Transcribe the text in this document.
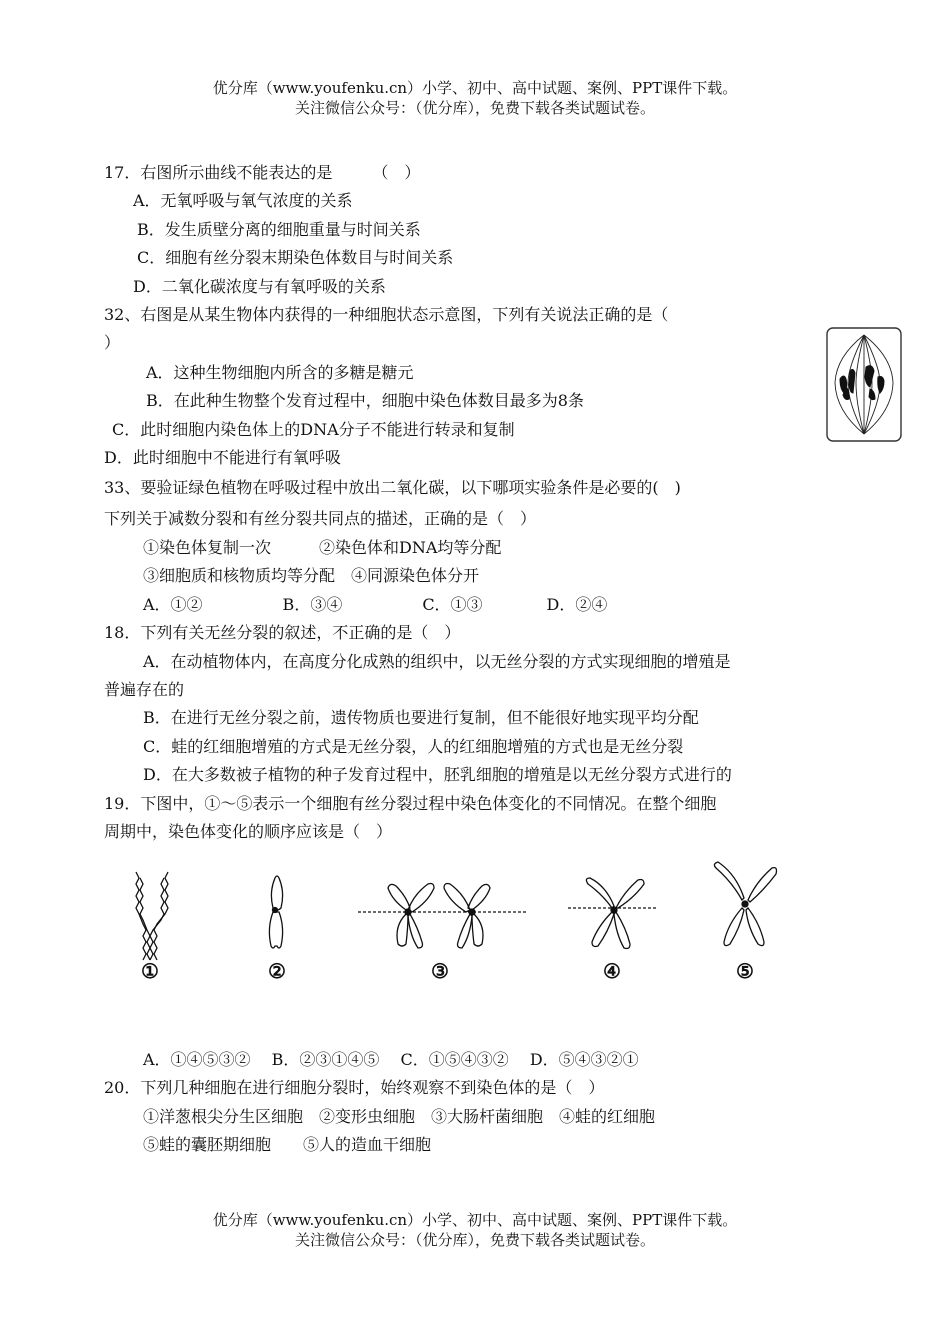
优分库（www.youfenku.cn）小学、初中、高中试题、案例、PPT课件下载。
关注微信公众号：（优分库），免费下载各类试题试卷。
17．右图所示曲线不能表达的是　　　（　）
A．无氧呼吸与氧气浓度的关系
B．发生质壁分离的细胞重量与时间关系
C．细胞有丝分裂末期染色体数目与时间关系
D．二氧化碳浓度与有氧呼吸的关系
32、右图是从某生物体内获得的一种细胞状态示意图，下列有关说法正确的是（
）
A．这种生物细胞内所含的多糖是糖元
B．在此种生物整个发育过程中，细胞中染色体数目最多为8条
C．此时细胞内染色体上的DNA分子不能进行转录和复制
D．此时细胞中不能进行有氧呼吸
33、要验证绿色植物在呼吸过程中放出二氧化碳，以下哪项实验条件是必要的(　)
下列关于减数分裂和有丝分裂共同点的描述，正确的是（　）
①染色体复制一次　　　②染色体和DNA均等分配
③细胞质和核物质均等分配　④同源染色体分开
A．①②　　　　　B．③④　　　　　C．①③　　　　D．②④
18．下列有关无丝分裂的叙述，不正确的是（　）
A．在动植物体内，在高度分化成熟的组织中，以无丝分裂的方式实现细胞的增殖是
普遍存在的
B．在进行无丝分裂之前，遗传物质也要进行复制，但不能很好地实现平均分配
C．蛙的红细胞增殖的方式是无丝分裂，人的红细胞增殖的方式也是无丝分裂
D．在大多数被子植物的种子发育过程中，胚乳细胞的增殖是以无丝分裂方式进行的
19．下图中，①～⑤表示一个细胞有丝分裂过程中染色体变化的不同情况。在整个细胞
周期中，染色体变化的顺序应该是（　）
①	②	③	④	⑤
A．①④⑤③②　 B．②③①④⑤　 C．①⑤④③②　 D．⑤④③②①
20．下列几种细胞在进行细胞分裂时，始终观察不到染色体的是（　）
①洋葱根尖分生区细胞　②变形虫细胞　③大肠杆菌细胞　④蛙的红细胞
⑤蛙的囊胚期细胞　　⑤人的造血干细胞
优分库（www.youfenku.cn）小学、初中、高中试题、案例、PPT课件下载。
关注微信公众号：（优分库），免费下载各类试题试卷。
